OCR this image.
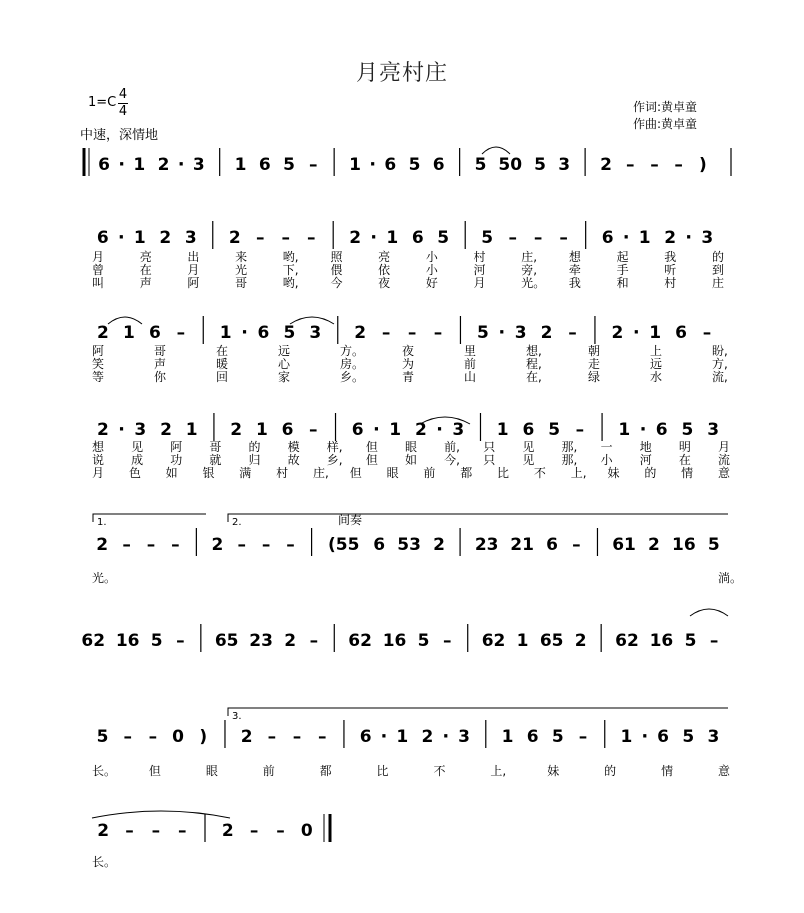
月亮村庄
1=C
4
4
中速，深情地
作词:黄卓童
作曲:黄卓童
6 · 1 2 · 3 1 6 5 – 1 · 6 5 6 5 50 5 3 2 – – – )
6 · 1 2 3 2 – – – 2 · 1 6 5 5 – – – 6 · 1 2 · 3
月	亮	出	来	哟,	照	亮	小	村	庄,	想	起	我	的
曾	在	月	光	下,	偎	依	小	河	旁,	牵	手	听	到
叫	声	阿	哥	哟,	今	夜	好	月	光。 我	和	村	庄
2 1 6 – 1 · 6 5 3 2 – – – 5 · 3 2 – 2 · 1 6 –
阿	哥	在	远	方。	夜	里	想,	朝	上	盼,
笑	声	暖	心	房。	为	前	程,	走	远	方,
等	你	回	家	乡。	青	山	在,	绿	水	流,
2 · 3 2 1 2 1 6 – 6 · 1 2 · 3 1 6 5 – 1 · 6 5 3
想 见 阿 哥 的 模 样, 但 眼 前, 只 见 那, 一 地 明 月
说 成 功 就 归 故 乡, 但 如 今, 只 见 那, 小 河 在 流
月 色 如 银 满 村 庄, 但 眼 前 都 比 不 上, 妹 的 情 意
2 – – – 2 – – – (55 6 53 2 23 21 6 – 61 2 16 5
光。	淌。
62 16 5 – 65 23 2 – 62 16 5 – 62 1 65 2 62 16 5 –
5 – – 0 ) 2 – – – 6 · 1 2 · 3 1 6 5 – 1 · 6 5 3
长。	但	眼	前	都	比	不	上,	妹	的	情	意
2 – – – 2 – – 0
长。
1.	2.
3.
间奏
